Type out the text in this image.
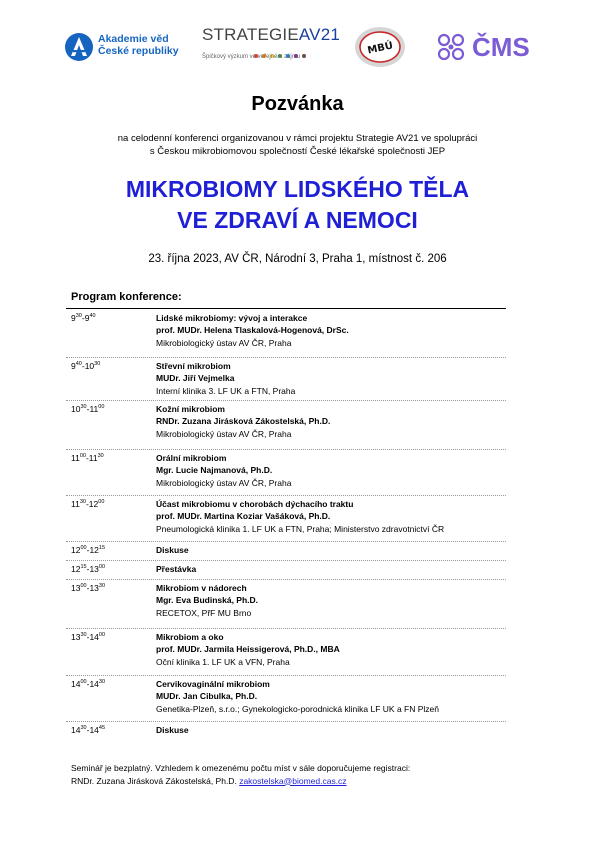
Akademie věd
České republiky
STRATEGIEAV21
Špičkový výzkum ve veřejném zájmu
MBÚ	ČMS
Pozvánka
na celodenní konferenci organizovanou v rámci projektu Strategie AV21 ve spolupráci
s Českou mikrobiomovou společností České lékařské společnosti JEP
MIKROBIOMY LIDSKÉHO TĚLA
VE ZDRAVÍ A NEMOCI
23. října 2023, AV ČR, Národní 3, Praha 1, místnost č. 206
Program konference:
$9^{30}-9^{40}$	Lidské mikrobiomy: vývoj a interakce
prof. MUDr. Helena Tlaskalová-Hogenová, DrSc.
Mikrobiologický ústav AV ČR, Praha
$9^{40}-10^{30}$	Střevní mikrobiom
MUDr. Jiří Vejmelka
Interní klinika 3. LF UK a FTN, Praha
$10^{30}-11^{00}$	Kožní mikrobiom
RNDr. Zuzana Jirásková Zákostelská, Ph.D.
Mikrobiologický ústav AV ČR, Praha
$11^{00}-11^{30}$	Orální mikrobiom
Mgr. Lucie Najmanová, Ph.D.
Mikrobiologický ústav AV ČR, Praha
$11^{30}-12^{00}$	Účast mikrobiomu v chorobách dýchacího traktu
prof. MUDr. Martina Koziar Vašáková, Ph.D.
Pneumologická klinika 1. LF UK a FTN, Praha; Ministerstvo zdravotnictví ČR
$12^{00}-12^{15}$	Diskuse
$12^{15}-13^{00}$	Přestávka
$13^{00}-13^{30}$	Mikrobiom v nádorech
Mgr. Eva Budinská, Ph.D.
RECETOX, PřF MU Brno
$13^{30}-14^{00}$	Mikrobiom a oko
prof. MUDr. Jarmila Heissigerová, Ph.D., MBA
Oční klinika 1. LF UK a VFN, Praha
$14^{00}-14^{30}$	Cervikovaginální mikrobiom
MUDr. Jan Cibulka, Ph.D.
Genetika-Plzeň, s.r.o.; Gynekologicko-porodnická klinika LF UK a FN Plzeň
$14^{30}-14^{45}$	Diskuse
Seminář je bezplatný. Vzhledem k omezenému počtu míst v sále doporučujeme registraci:
RNDr. Zuzana Jirásková Zákostelská, Ph.D. zakostelska@biomed.cas.cz
